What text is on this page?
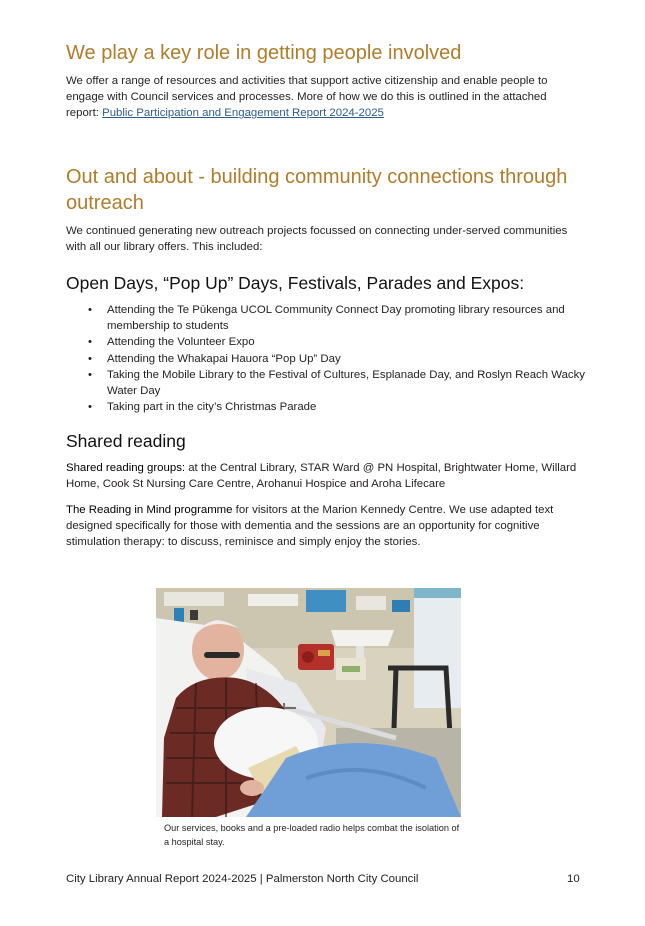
We play a key role in getting people involved

We offer a range of resources and activities that support active citizenship and enable people to engage with Council services and processes. More of how we do this is outlined in the attached report: Public Participation and Engagement Report 2024-2025

Out and about - building community connections through outreach

We continued generating new outreach projects focussed on connecting under-served communities with all our library offers. This included:

Open Days, “Pop Up” Days, Festivals, Parades and Expos:
• Attending the Te Pūkenga UCOL Community Connect Day promoting library resources and membership to students
• Attending the Volunteer Expo
• Attending the Whakapai Hauora “Pop Up” Day
• Taking the Mobile Library to the Festival of Cultures, Esplanade Day, and Roslyn Reach Wacky Water Day
• Taking part in the city’s Christmas Parade
Shared reading

Shared reading groups: at the Central Library, STAR Ward @ PN Hospital, Brightwater Home, Willard Home, Cook St Nursing Care Centre, Arohanui Hospice and Aroha Lifecare

The Reading in Mind programme for visitors at the Marion Kennedy Centre. We use adapted text designed specifically for those with dementia and the sessions are an opportunity for cognitive stimulation therapy: to discuss, reminisce and simply enjoy the stories.

Our services, books and a pre-loaded radio helps combat the isolation of a hospital stay.

City Library Annual Report 2024-2025 | Palmerston North City Council	10
